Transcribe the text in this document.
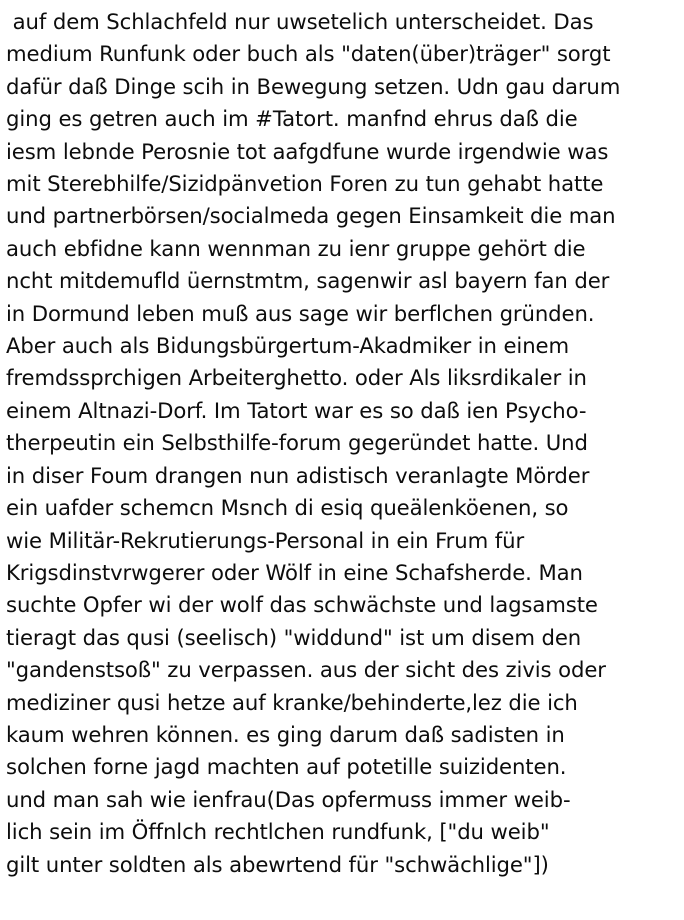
auf dem Schlachfeld nur uwsetelich unterscheidet. Das
medium Runfunk oder buch als "daten(über)träger" sorgt
dafür daß Dinge scih in Bewegung setzen. Udn gau darum
ging es getren auch im #Tatort. manfnd ehrus daß die
iesm lebnde Perosnie tot aafgdfune wurde irgendwie was
mit Sterebhilfe/Sizidpänvetion Foren zu tun gehabt hatte
und partnerbörsen/socialmeda gegen Einsamkeit die man
auch ebfidne kann wennman zu ienr gruppe gehört die
ncht mitdemufld üernstmtm, sagenwir asl bayern fan der
in Dormund leben muß aus sage wir berflchen gründen.
Aber auch als Bidungsbürgertum-Akadmiker in einem
fremdssprchigen Arbeiterghetto. oder Als liksrdikaler in
einem Altnazi-Dorf. Im Tatort war es so daß ien Psycho-
therpeutin ein Selbsthilfe-forum gegeründet hatte. Und
in diser Foum drangen nun adistisch veranlagte Mörder
ein uafder schemcn Msnch di esiq queälenköenen, so
wie Militär-Rekrutierungs-Personal in ein Frum für
Krigsdinstvrwgerer oder Wölf in eine Schafsherde. Man
suchte Opfer wi der wolf das schwächste und lagsamste
tieragt das qusi (seelisch) "widdund" ist um disem den
"gandenstsoß" zu verpassen. aus der sicht des zivis oder
mediziner qusi hetze auf kranke/behinderte,lez die ich
kaum wehren können. es ging darum daß sadisten in
solchen forne jagd machten auf potetille suizidenten.
und man sah wie ienfrau(Das opfermuss immer weib-
lich sein im Öffnlch rechtlchen rundfunk, ["du weib"
gilt unter soldten als abewrtend für "schwächlige"])
